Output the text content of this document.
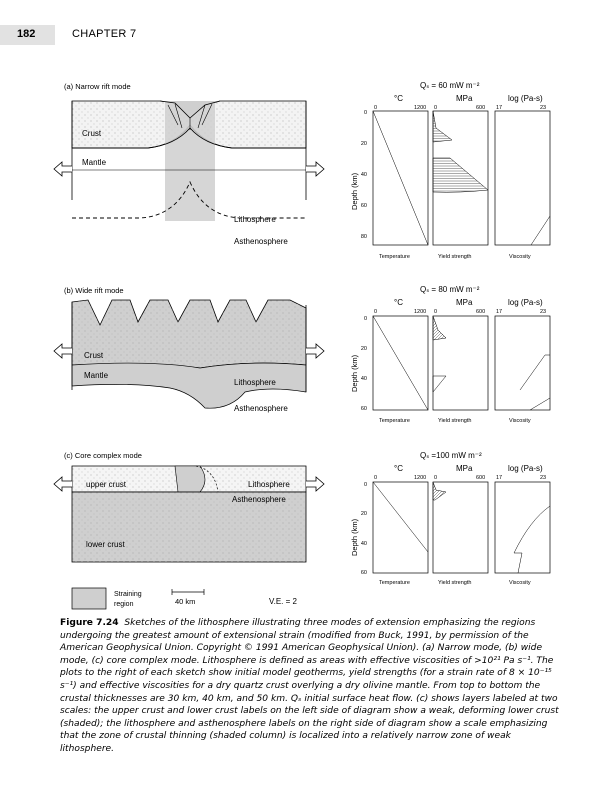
182	CHAPTER 7
(a) Narrow rift mode
Crust
Mantle
Lithosphere
Asthenosphere
Qₛ = 60 mW m⁻²
°C	MPa	log (Pa-s)
0	1200 0	600 17	23
0
20
40
60
80
Depth (km)
Temperature	Yield strength	Viscosity
(b) Wide rift mode
Crust
Mantle
Lithosphere
Asthenosphere
Qₛ = 80 mW m⁻²
°C	MPa	log (Pa-s)
0	1200 0	600 17	23
0
20
40
60
Depth (km)
Temperature	Yield strength	Viscosity
(c) Core complex mode
upper crust	Lithosphere
Asthenosphere
lower crust
Qₛ =100 mW m⁻²
°C	MPa	log (Pa-s)
0	1200 0	600 17	23
0
20
40
60
Depth (km)
Temperature	Yield strength	Viscosity
Straining
region	40 km	V.E. = 2
Figure 7.24 Sketches of the lithosphere illustrating three modes of extension emphasizing the regions undergoing the greatest amount of extensional strain (modified from Buck, 1991, by permission of the American Geophysical Union. Copyright © 1991 American Geophysical Union). (a) Narrow mode, (b) wide mode, (c) core complex mode. Lithosphere is defined as areas with effective viscosities of >10²¹ Pa s⁻¹. The plots to the right of each sketch show initial model geotherms, yield strengths (for a strain rate of 8 × 10⁻¹⁵ s⁻¹) and effective viscosities for a dry quartz crust overlying a dry olivine mantle. From top to bottom the crustal thicknesses are 30 km, 40 km, and 50 km. Qₛ initial surface heat flow. (c) shows layers labeled at two scales: the upper crust and lower crust labels on the left side of diagram show a weak, deforming lower crust (shaded); the lithosphere and asthenosphere labels on the right side of diagram show a scale emphasizing that the zone of crustal thinning (shaded column) is localized into a relatively narrow zone of weak lithosphere.
